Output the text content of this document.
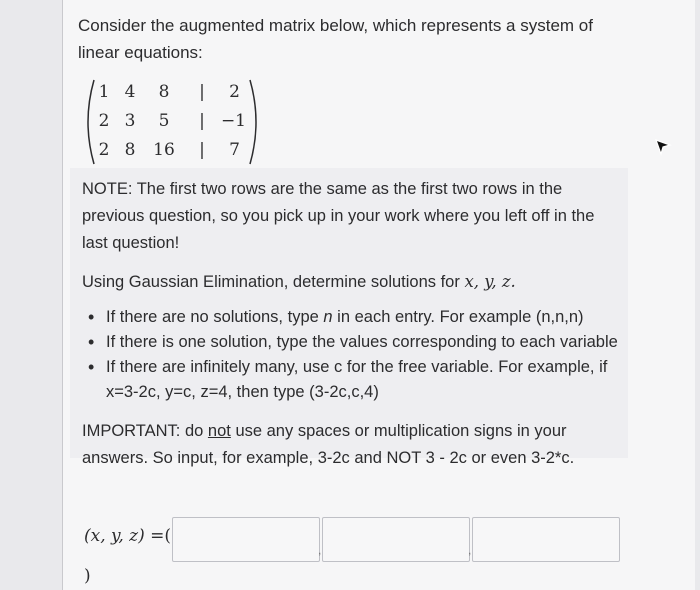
Consider the augmented matrix below, which represents a system of linear equations:
1 4	8	|	2
2 3	5	| −1
2 8	16	|	7
NOTE: The first two rows are the same as the first two rows in the previous question, so you pick up in your work where you left off in the last question!
Using Gaussian Elimination, determine solutions for x, y, z.
• If there are no solutions, type n in each entry. For example (n,n,n)
• If there is one solution, type the values corresponding to each variable
• If there are infinitely many, use c for the free variable. For example, if x=3-2c, y=c, z=4, then type (3-2c,c,4)
IMPORTANT: do not use any spaces or multiplication signs in your answers. So input, for example, 3-2c and NOT 3 - 2c or even 3-2*c.
(x, y, z) =(
,	,
)
